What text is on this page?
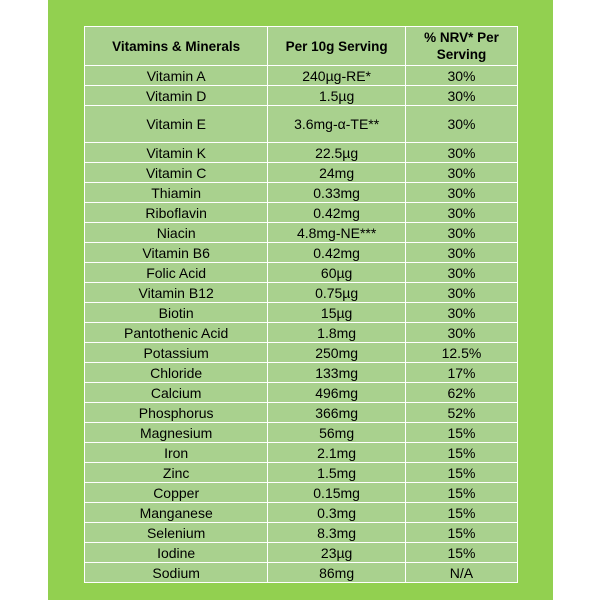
Vitamins & Minerals	Per 10g Serving	% NRV* Per Serving
Vitamin A	240µg-RE*	30%
Vitamin D	1.5µg	30%
Vitamin E	3.6mg-α-TE**	30%
Vitamin K	22.5µg	30%
Vitamin C	24mg	30%
Thiamin	0.33mg	30%
Riboflavin	0.42mg	30%
Niacin	4.8mg-NE***	30%
Vitamin B6	0.42mg	30%
Folic Acid	60µg	30%
Vitamin B12	0.75µg	30%
Biotin	15µg	30%
Pantothenic Acid	1.8mg	30%
Potassium	250mg	12.5%
Chloride	133mg	17%
Calcium	496mg	62%
Phosphorus	366mg	52%
Magnesium	56mg	15%
Iron	2.1mg	15%
Zinc	1.5mg	15%
Copper	0.15mg	15%
Manganese	0.3mg	15%
Selenium	8.3mg	15%
Iodine	23µg	15%
Sodium	86mg	N/A
